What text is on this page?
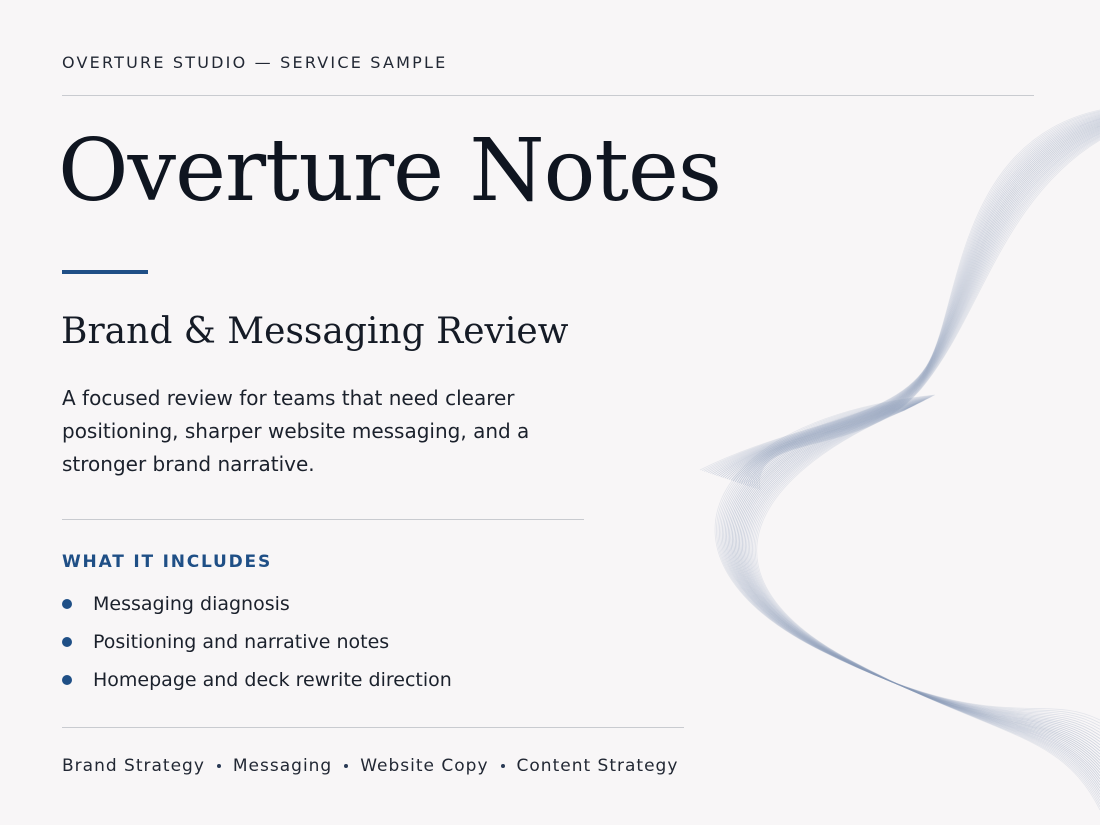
OVERTURE STUDIO — SERVICE SAMPLE
Overture Notes
Brand & Messaging Review
A focused review for teams that need clearer positioning, sharper website messaging, and a stronger brand narrative.
WHAT IT INCLUDES
Messaging diagnosis
Positioning and narrative notes
Homepage and deck rewrite direction
Brand Strategy Messaging Website Copy Content Strategy
